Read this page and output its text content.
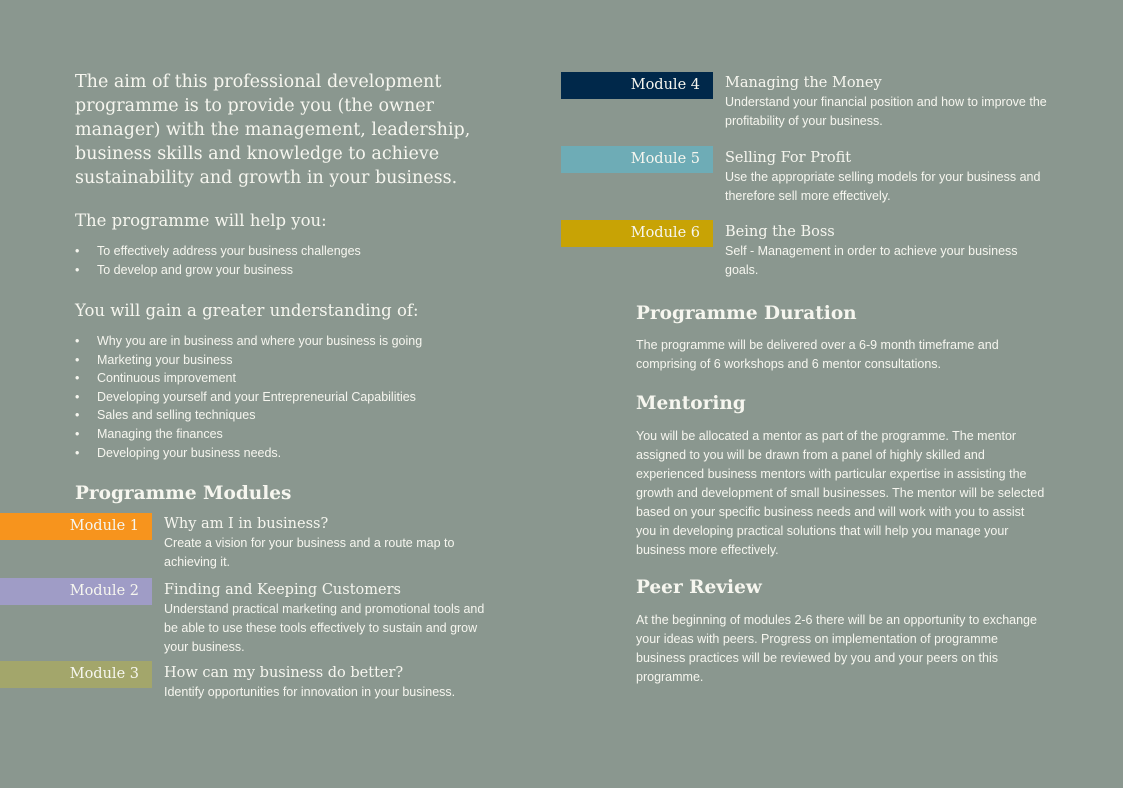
The aim of this professional development programme is to provide you (the owner manager) with the management, leadership, business skills and knowledge to achieve sustainability and growth in your business.

The programme will help you:
•	To effectively address your business challenges
•	To develop and grow your business
You will gain a greater understanding of:
•	Why you are in business and where your business is going
•	Marketing your business
•	Continuous improvement
•	Developing yourself and your Entrepreneurial Capabilities
•	Sales and selling techniques
•	Managing the finances
•	Developing your business needs.
Programme Modules
Module 1 Why am I in business?

Create a vision for your business and a route map to achieving it.

Module 2 Finding and Keeping Customers

Understand practical marketing and promotional tools and be able to use these tools effectively to sustain and grow your business.

Module 3 How can my business do better?

Identify opportunities for innovation in your business.

Module 4 Managing the Money

Understand your financial position and how to improve the profitability of your business.

Module 5 Selling For Profit

Use the appropriate selling models for your business and therefore sell more effectively.

Module 6 Being the Boss

Self - Management in order to achieve your business goals.

Programme Duration

The programme will be delivered over a 6-9 month timeframe and comprising of 6 workshops and 6 mentor consultations.

Mentoring

You will be allocated a mentor as part of the programme. The mentor assigned to you will be drawn from a panel of highly skilled and experienced business mentors with particular expertise in assisting the growth and development of small businesses. The mentor will be selected based on your specific business needs and will work with you to assist you in developing practical solutions that will help you manage your business more effectively.

Peer Review

At the beginning of modules 2-6 there will be an opportunity to exchange your ideas with peers. Progress on implementation of programme business practices will be reviewed by you and your peers on this programme.
